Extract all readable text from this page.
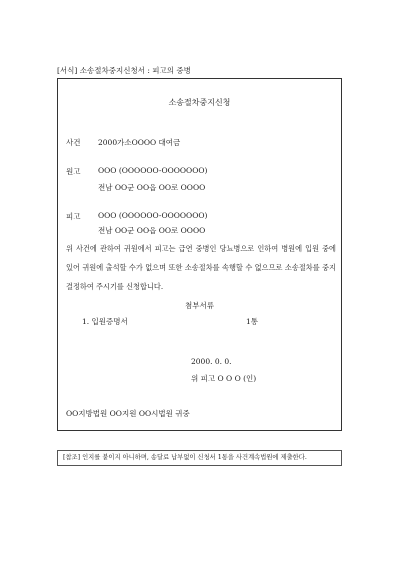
[서식] 소송절차중지신청서 : 피고의 중병
소송절차중지신청
사건 2000가소OOOO 대여금
원고 OOO (OOOOOO-OOOOOOO)
전남 OO군 OO읍 OO로 OOOO
피고 OOO (OOOOOO-OOOOOOO)
전남 OO군 OO읍 OO로 OOOO
위 사건에 관하여 귀원에서 피고는 급연 중병인 당뇨병으로 인하여 병원에 입원 중에 있어 귀원에 출석할 수가 없으며 또한 소송절차를 속행할 수 없으므로 소송절차를 중지결정하여 주시기를 신청합니다.
첨부서류
1. 입원증명서	1통
2000. 0. 0.
위 피고 O O O (인)
OO지방법원 OO지원 OO시법원 귀중
[참조] 인지를 붙이지 아니하며, 송달료 납부없이 신청서 1통을 사건계속법원에 제출한다.
